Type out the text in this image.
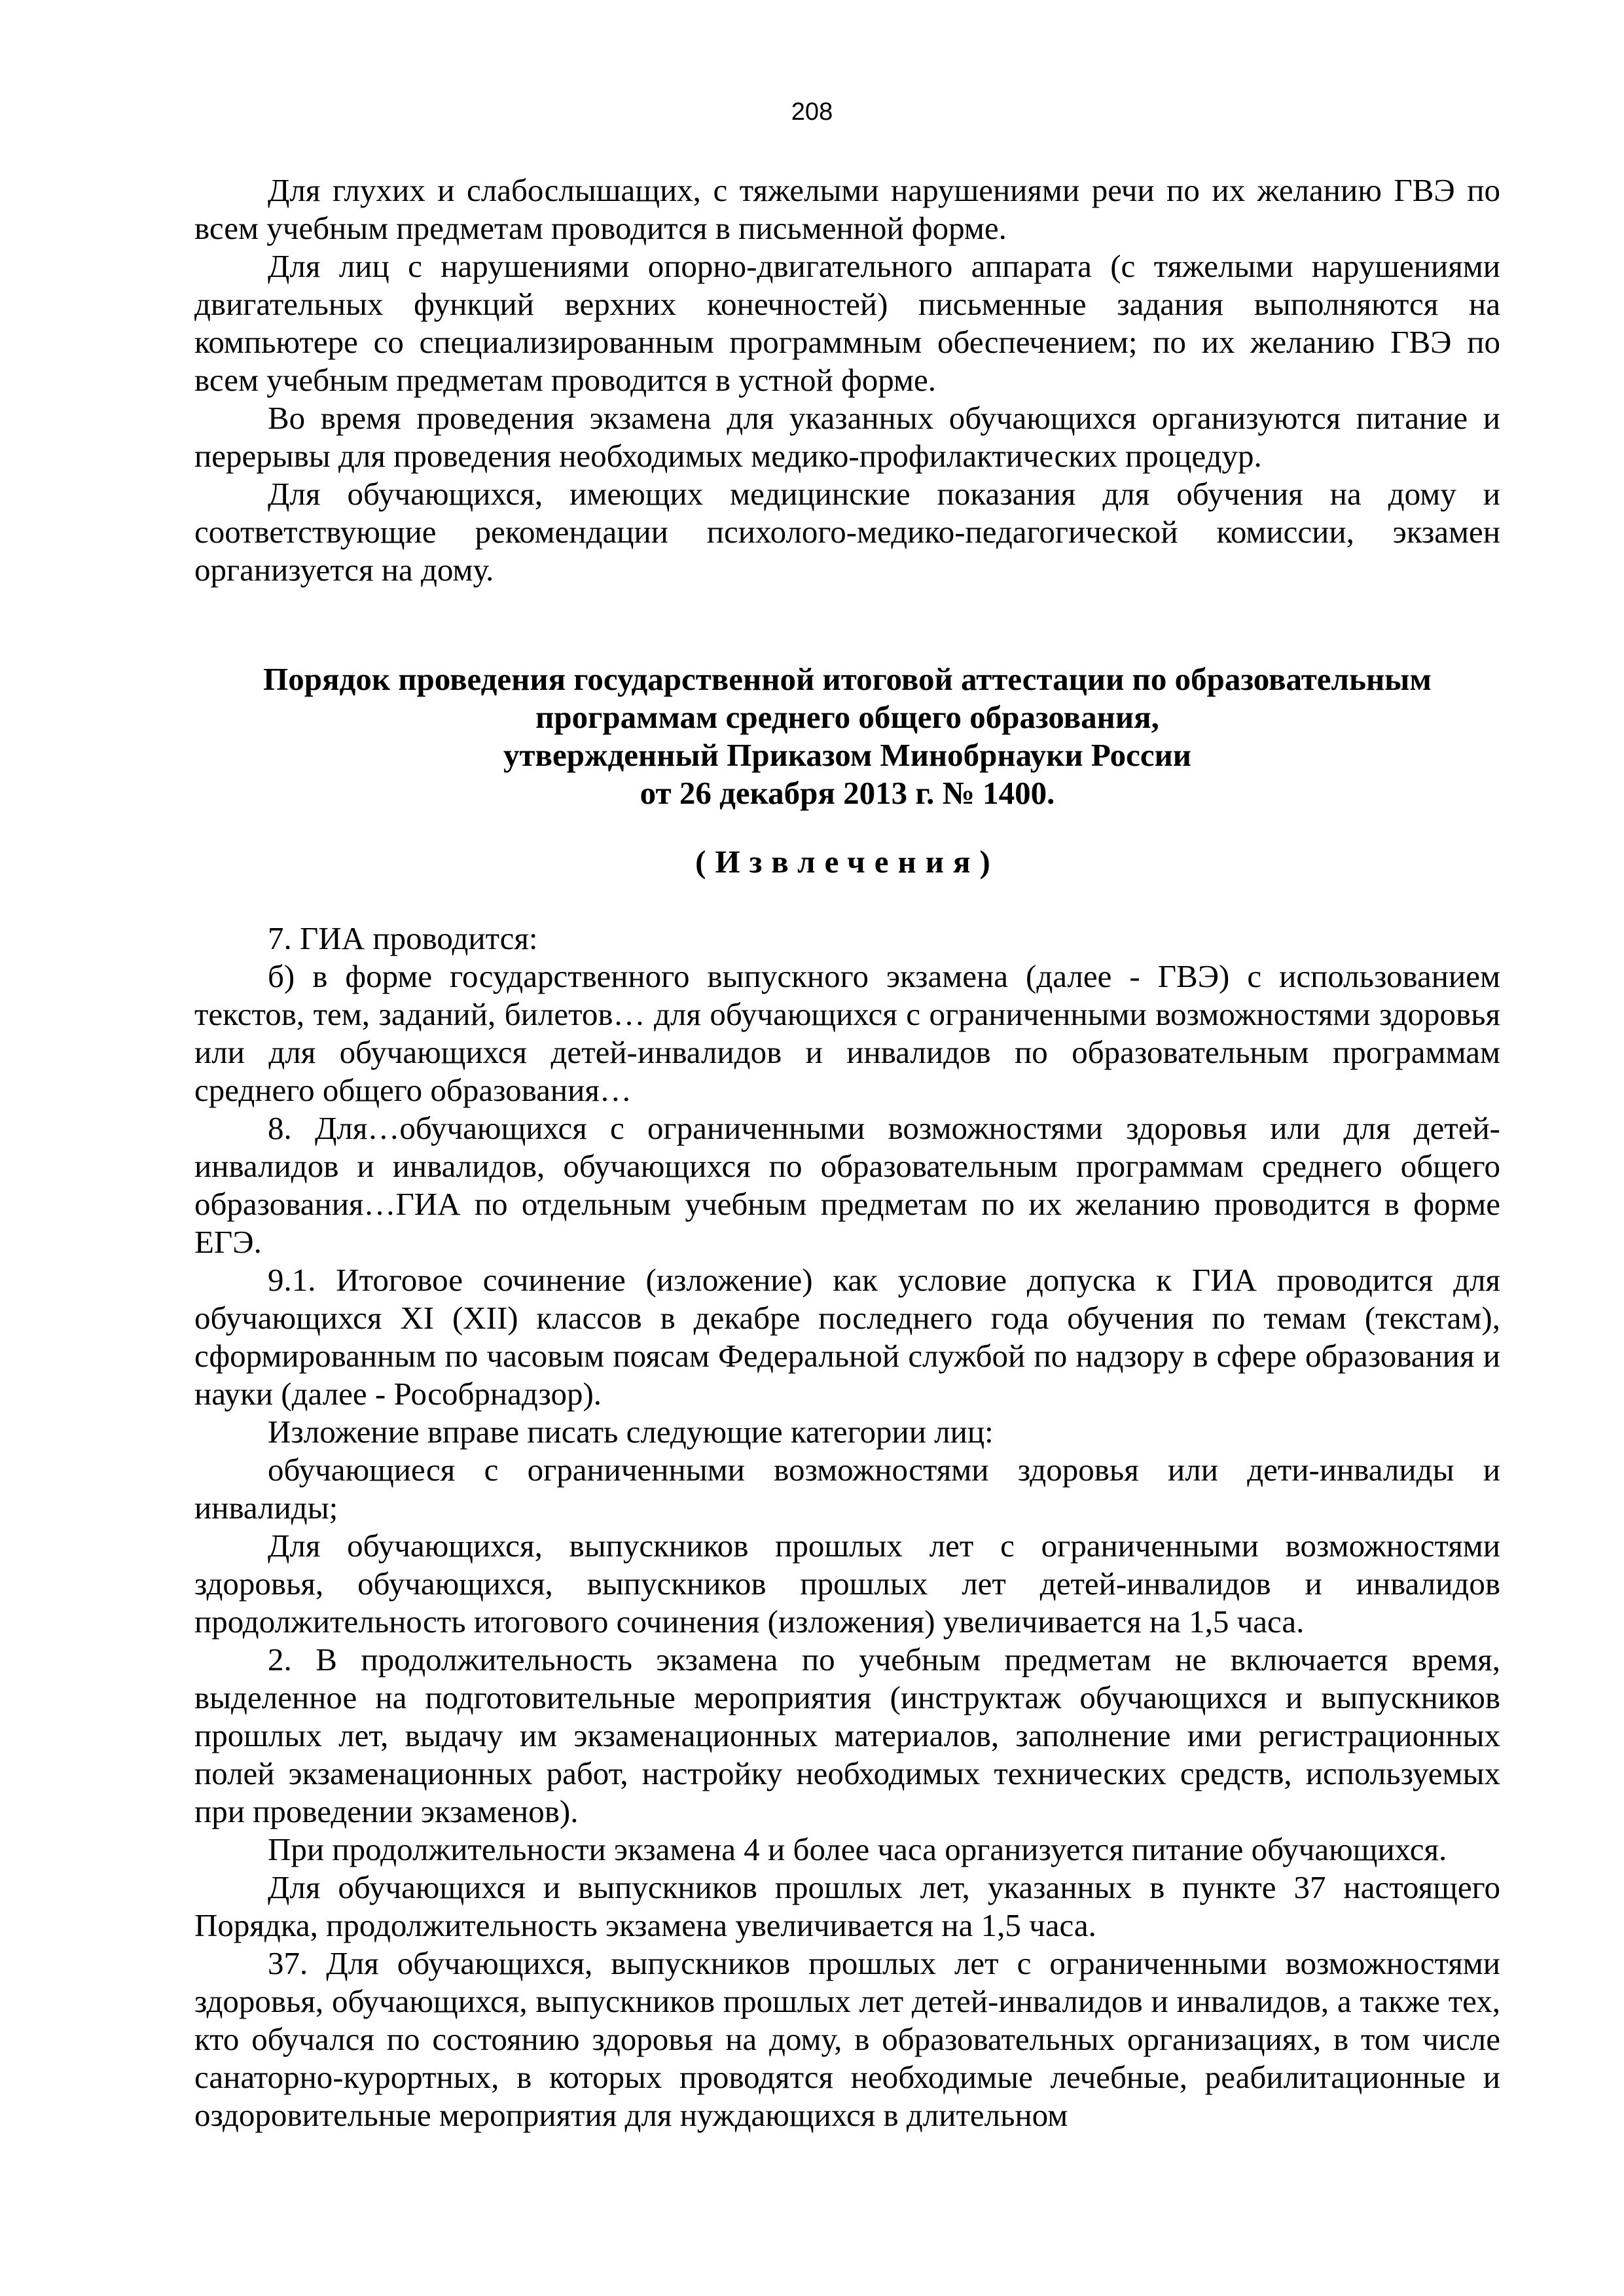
208

Для глухих и слабослышащих, с тяжелыми нарушениями речи по их желанию ГВЭ по всем учебным предметам проводится в письменной форме.

Для лиц с нарушениями опорно-двигательного аппарата (с тяжелыми нарушениями двигательных функций верхних конечностей) письменные задания выполняются на компьютере со специализированным программным обеспечением; по их желанию ГВЭ по всем учебным предметам проводится в устной форме.

Во время проведения экзамена для указанных обучающихся организуются питание и перерывы для проведения необходимых медико-профилактических процедур.

Для обучающихся, имеющих медицинские показания для обучения на дому и соответствующие рекомендации психолого-медико-педагогической комиссии, экзамен организуется на дому.

Порядок проведения государственной итоговой аттестации по образовательным
программам среднего общего образования,
утвержденный Приказом Минобрнауки России
от 26 декабря 2013 г. № 1400.
(Извлечения)

7. ГИА проводится:

б) в форме государственного выпускного экзамена (далее - ГВЭ) с использованием текстов, тем, заданий, билетов… для обучающихся с ограниченными возможностями здоровья или для обучающихся детей-инвалидов и инвалидов по образовательным программам среднего общего образования…

8. Для…обучающихся с ограниченными возможностями здоровья или для детей-инвалидов и инвалидов, обучающихся по образовательным программам среднего общего образования…ГИА по отдельным учебным предметам по их желанию проводится в форме ЕГЭ.

9.1. Итоговое сочинение (изложение) как условие допуска к ГИА проводится для обучающихся XI (XII) классов в декабре последнего года обучения по темам (текстам), сформированным по часовым поясам Федеральной службой по надзору в сфере образования и науки (далее - Рособрнадзор).

Изложение вправе писать следующие категории лиц:

обучающиеся с ограниченными возможностями здоровья или дети-инвалиды и инвалиды;

Для обучающихся, выпускников прошлых лет с ограниченными возможностями здоровья, обучающихся, выпускников прошлых лет детей-инвалидов и инвалидов продолжительность итогового сочинения (изложения) увеличивается на 1,5 часа.

2. В продолжительность экзамена по учебным предметам не включается время, выделенное на подготовительные мероприятия (инструктаж обучающихся и выпускников прошлых лет, выдачу им экзаменационных материалов, заполнение ими регистрационных полей экзаменационных работ, настройку необходимых технических средств, используемых при проведении экзаменов).

При продолжительности экзамена 4 и более часа организуется питание обучающихся.

Для обучающихся и выпускников прошлых лет, указанных в пункте 37 настоящего Порядка, продолжительность экзамена увеличивается на 1,5 часа.

37. Для обучающихся, выпускников прошлых лет с ограниченными возможностями здоровья, обучающихся, выпускников прошлых лет детей-инвалидов и инвалидов, а также тех, кто обучался по состоянию здоровья на дому, в образовательных организациях, в том числе санаторно-курортных, в которых проводятся необходимые лечебные, реабилитационные и оздоровительные мероприятия для нуждающихся в длительном
